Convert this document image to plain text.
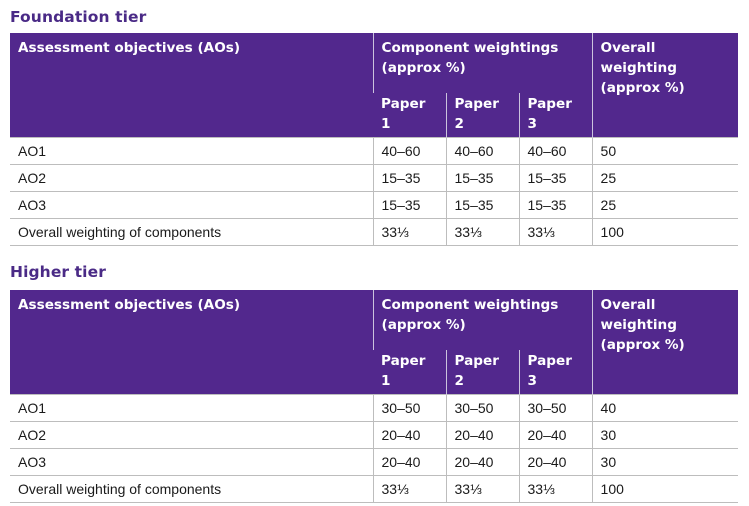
Foundation tier
Assessment objectives (AOs)	Component weightings (approx %)			Overall weighting (approx %)
	Paper 1	Paper 2	Paper 3	
AO1	40–60	40–60	40–60	50
AO2	15–35	15–35	15–35	25
AO3	15–35	15–35	15–35	25
Overall weighting of components	33⅓	33⅓	33⅓	100
Higher tier
Assessment objectives (AOs)	Component weightings (approx %)			Overall weighting (approx %)
	Paper 1	Paper 2	Paper 3	
AO1	30–50	30–50	30–50	40
AO2	20–40	20–40	20–40	30
AO3	20–40	20–40	20–40	30
Overall weighting of components	33⅓	33⅓	33⅓	100
